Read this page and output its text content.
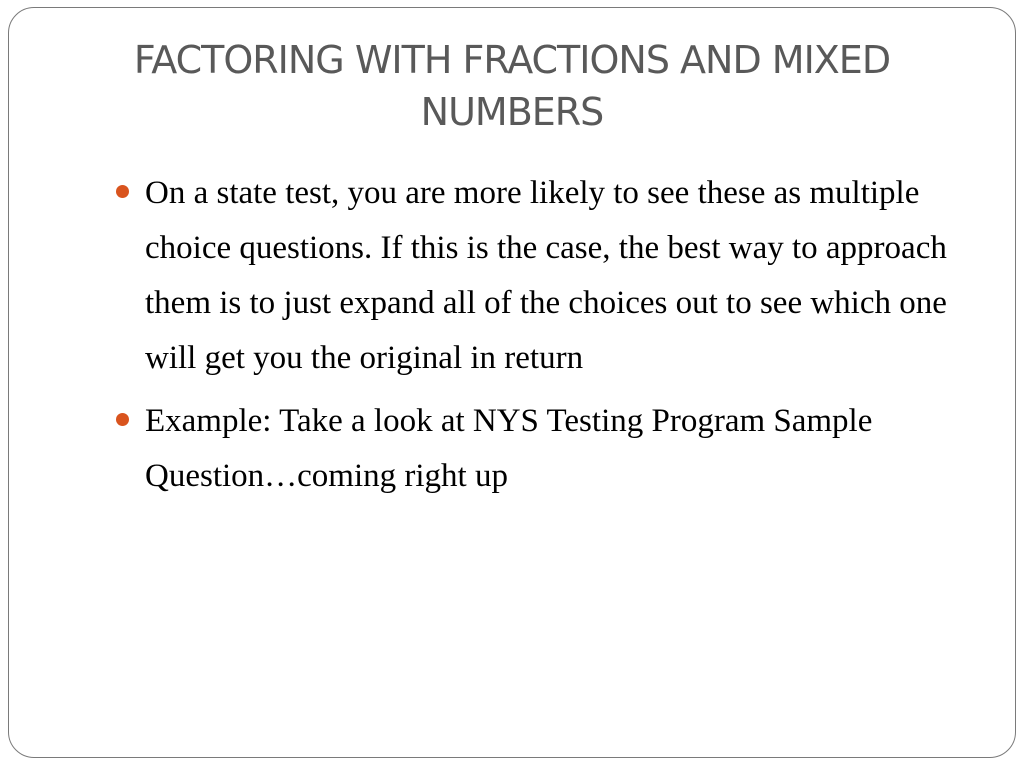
FACTORING WITH FRACTIONS AND MIXED NUMBERS
On a state test, you are more likely to see these as multiple choice questions. If this is the case, the best way to approach them is to just expand all of the choices out to see which one will get you the original in return
Example: Take a look at NYS Testing Program Sample Question…coming right up
